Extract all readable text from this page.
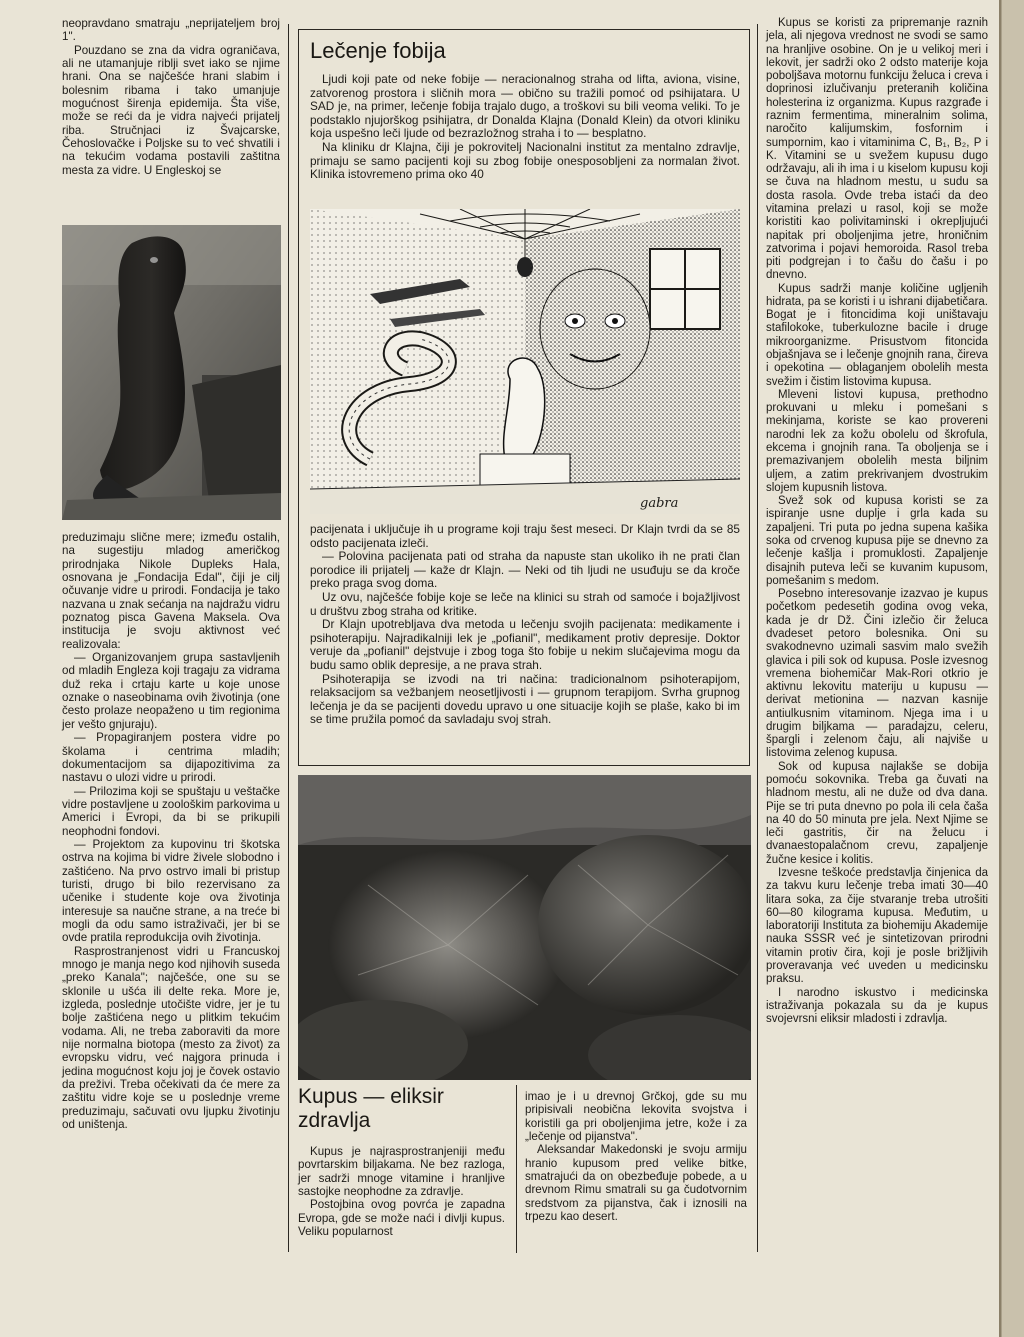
neopravdano smatraju „neprijateljem broj 1".

Pouzdano se zna da vidra ograničava, ali ne utamanjuje riblji svet iako se njime hrani. Ona se najčešće hrani slabim i bolesnim ribama i tako umanjuje mogućnost širenja epidemija. Šta više, može se reći da je vidra najveći prijatelj riba. Stručnjaci iz Švajcarske, Čehoslovačke i Poljske su to već shvatili i na tekućim vodama postavili zaštitna mesta za vidre. U Engleskoj se

preduzimaju slične mere; između ostalih, na sugestiju mladog američkog prirodnjaka Nikole Dupleks Hala, osnovana je „Fondacija Edal", čiji je cilj očuvanje vidre u prirodi. Fondacija je tako nazvana u znak sećanja na najdražu vidru poznatog pisca Gavena Makselа. Ova institucija je svoju aktivnost već realizovala:

— Organizovanjem grupa sastavljenih od mladih Engleza koji tragaju za vidrama duž reka i crtaju karte u koje unose oznake o naseobinama ovih životinja (one često prolaze neopaženo u tim regionima jer veštо gnjuraju).

— Propagiranjem postera vidre po školama i centrima mladih; dokumentacijom sa dijapozitivima za nastavu o ulozi vidre u prirodi.

— Prilozima koji se spuštaju u veštačke vidre postavljene u zoološkim parkovima u Americi i Evropi, da bi se prikupili neophodni fondovi.

— Projektom za kupovinu tri škotska ostrva na kojima bi vidre živele slobodno i zaštićeno. Na prvo ostrvo imali bi pristup turisti, drugo bi bilo rezervisano za učenike i studente koje ova životinja interesuje sa naučne strane, a na treće bi mogli da odu samo istraživači, jer bi se ovde pratila reprodukcija ovih životinja.

Rasprostranjenost vidri u Francuskoj mnogo je manja nego kod njihovih suseda „preko Kanala"; najčešće, one su se sklonile u ušća ili delte reka. More je, izgleda, poslednje utočište vidre, jer je tu bolje zaštićena nego u plitkim tekućim vodama. Ali, ne treba zaboraviti da more nije normalna biotopa (mesto za život) za evropsku vidru, već najgora prinuda i jedina mogućnost koju joj je čovek ostavio da preživi. Treba očekivati da će mere za zaštitu vidre koje se u poslednje vreme preduzimaju, sačuvati ovu ljupku životinju od uništenja.

Lečenje fobija

Ljudi koji pate od neke fobije — neracionalnog straha od lifta, aviona, visine, zatvorenog prostora i sličnih mora — obično su tražili pomoć od psihijatara. U SAD je, na primer, lečenje fobija trajalo dugo, a troškovi su bili veoma veliki. To je podstaklo njujorškog psihijatra, dr Donalda Klajna (Donald Klein) da otvori kliniku koja uspešno leči ljude od bezrazložnog straha i to — besplatno.

Na kliniku dr Klajna, čiji je pokrovitelj Nacionalni institut za mentalno zdravlje, primaju se samo pacijenti koji su zbog fobije onesposobljeni za normalan život. Klinika istovremeno prima oko 40

gabra

pacijenata i uključuje ih u programe koji traju šest meseci. Dr Klajn tvrdi da se 85 odsto pacijenata izleči.

— Polovina pacijenata pati od straha da napuste stan ukoliko ih ne prati član porodice ili prijatelj — kaže dr Klajn. — Neki od tih ljudi ne usuđuju se da kroče preko praga svog doma.

Uz ovu, najčešće fobije koje se leče na klinici su strah od samoće i bojažljivost u društvu zbog straha od kritike.

Dr Klajn upotrebljava dva metoda u lečenju svojih pacijenata: medikamente i psihoterapiju. Najradikalniji lek je „pofianil", medikament protiv depresije. Doktor veruje da „pofianil" dejstvuje i zbog toga što fobije u nekim slučajevima mogu da budu samo oblik depresije, a ne prava strah.

Psihoterapija se izvodi na tri načina: tradicionalnom psihoterapijom, relaksacijom sa vežbanjem neosetljivosti i — grupnom terapijom. Svrha grupnog lečenja je da se pacijenti dovedu upravo u one situacije kojih se plaše, kako bi im se time pružila pomoć da savladaju svoj strah.

Kupus — eliksir zdravlja

Kupus je najrasprostranjeniji među povrtarskim biljakama. Ne bez razloga, jer sadrži mnoge vitamine i hranljive sastojke neophodne za zdravlje.

Postojbina ovog povrća je zapadna Evropa, gde se može naći i divlji kupus. Veliku popularnost

imao je i u drevnoj Grčkoj, gde su mu pripisivali neobična lekovita svojstva i koristili ga pri oboljenjima jetre, kože i za „lečenje od pijanstva".

Aleksandar Makedonski je svoju armiju hranio kupusom pred velike bitke, smatrajući da on obezbeđuje pobede, a u drevnom Rimu smatrali su ga čudotvornim sredstvom za pijanstva, čak i iznosili na trpezu kao desert.

Kupus se koristi za pripremanje raznih jela, ali njegova vrednost ne svodi se samo na hranljive osobine. On je u velikoj meri i lekovit, jer sadrži oko 2 odsto materije koja poboljšava motornu funkciju želuca i creva i doprinosi izlučivanju preteranih količina holesterina iz organizma. Kupus razgrađe i raznim fermentima, mineralnim solima, naročito kalijumskim, fosfornim i sumpornim, kao i vitaminima C, B₁, B₂, P i K. Vitamini se u svežem kupusu dugo održavaju, ali ih ima i u kiselom kupusu koji se čuva na hladnom mestu, u sudu sa dosta rasola. Ovde treba istaći da deo vitamina prelazi u rasol, koji se može koristiti kao polivitaminski i okrepljujući napitak pri oboljenjima jetre, hroničnim zatvorima i pojavi hemoroida. Rasol treba piti podgrejan i to čašu do čašu i po dnevno.

Kupus sadrži manje količine ugljenih hidrata, pa se koristi i u ishrani dijabetičara. Bogat je i fitoncidima koji uništavaju stafilokoke, tuberkulozne bacile i druge mikroorganizme. Prisustvom fitoncida objašnjava se i lečenje gnojnih rana, čireva i opekotina — oblaganjem obolelih mesta svežim i čistim listovima kupusa.

Mleveni listovi kupusa, prethodno prokuvani u mleku i pomešani s mekinjama, koriste se kao provereni narodni lek za kožu obolelu od škrofula, ekcema i gnojnih rana. Ta oboljenja se i premazivanjem obolelih mesta biljnim uljem, a zatim prekrivanjem dvostrukim slojem kupusnih listova.

Svež sok od kupusa koristi se za ispiranje usne duplje i grla kada su zapaljeni. Tri puta po jedna supena kašika soka od crvenog kupusa pije se dnevno za lečenje kašlja i promuklosti. Zapaljenje disajnih puteva leči se kuvanim kupusom, pomešanim s medom.

Posebno interesovanje izazvao je kupus početkom pedesetih godina ovog veka, kada je dr Dž. Čini izlečio čir želuca dvadeset petoro bolesnika. Oni su svakodnevno uzimali sasvim malo svežih glavica i pili sok od kupusa. Posle izvesnog vremena biohemičar Mak-Rori otkrio je aktivnu lekovitu materiju u kupusu — derivat metionina — nazvan kasnije antiulkusnim vitaminom. Njega ima i u drugim biljkama — paradajzu, celeru, špargli i zelenom čaju, ali najviše u listovima zelenog kupusa.

Sok od kupusa najlakše se dobija pomoću sokovnika. Treba ga čuvati na hladnom mestu, ali ne duže od dva dana. Pije se tri puta dnevno po pola ili cela čaša na 40 do 50 minuta pre jela. Next Njime se leči gastritis, čir na želucu i dvanaestopalačnom crevu, zapaljenje žučne kesice i kolitis.

Izvesne teškoće predstavlja činjenica da za takvu kuru lečenje treba imati 30—40 litara soka, za čije stvaranje treba utrošiti 60—80 kilograma kupusa. Međutim, u laboratoriji Instituta za biohemiju Akademije nauka SSSR već je sintetizovan prirodni vitamin protiv čira, koji je posle brižljivih proveravanja već uveden u medicinsku praksu.

I narodno iskustvo i medicinska istraživanja pokazala su da je kupus svojevrsni eliksir mladosti i zdravlja.
